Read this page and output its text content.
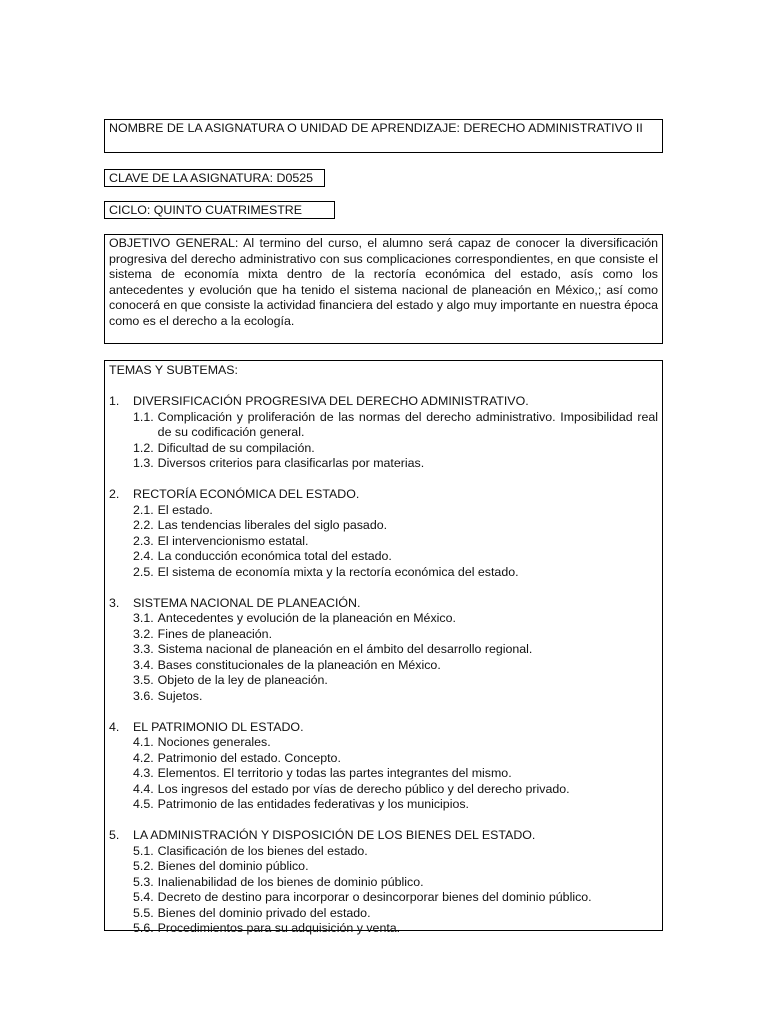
NOMBRE DE LA ASIGNATURA O UNIDAD DE APRENDIZAJE: DERECHO ADMINISTRATIVO II
CLAVE DE LA ASIGNATURA: D0525
CICLO: QUINTO CUATRIMESTRE
OBJETIVO GENERAL: Al termino del curso, el alumno será capaz de conocer la diversificación progresiva del derecho administrativo con sus complicaciones correspondientes, en que consiste el sistema de economía mixta dentro de la rectoría económica del estado, asís como los antecedentes y evolución que ha tenido el sistema nacional de planeación en México,; así como conocerá en que consiste la actividad financiera del estado y algo muy importante en nuestra época como es el derecho a la ecología.
TEMAS Y SUBTEMAS:
1.	DIVERSIFICACIÓN PROGRESIVA DEL DERECHO ADMINISTRATIVO.
1.1. Complicación y proliferación de las normas del derecho administrativo. Imposibilidad real de su codificación general.
1.2. Dificultad de su compilación.
1.3. Diversos criterios para clasificarlas por materias.
2.	RECTORÍA ECONÓMICA DEL ESTADO.
2.1. El estado.
2.2. Las tendencias liberales del siglo pasado.
2.3. El intervencionismo estatal.
2.4. La conducción económica total del estado.
2.5. El sistema de economía mixta y la rectoría económica del estado.
3.	SISTEMA NACIONAL DE PLANEACIÓN.
3.1. Antecedentes y evolución de la planeación en México.
3.2. Fines de planeación.
3.3. Sistema nacional de planeación en el ámbito del desarrollo regional.
3.4. Bases constitucionales de la planeación en México.
3.5. Objeto de la ley de planeación.
3.6. Sujetos.
4.	EL PATRIMONIO DL ESTADO.
4.1. Nociones generales.
4.2. Patrimonio del estado. Concepto.
4.3. Elementos. El territorio y todas las partes integrantes del mismo.
4.4. Los ingresos del estado por vías de derecho público y del derecho privado.
4.5. Patrimonio de las entidades federativas y los municipios.
5.	LA ADMINISTRACIÓN Y DISPOSICIÓN DE LOS BIENES DEL ESTADO.
5.1. Clasificación de los bienes del estado.
5.2. Bienes del dominio público.
5.3. Inalienabilidad de los bienes de dominio público.
5.4. Decreto de destino para incorporar o desincorporar bienes del dominio público.
5.5. Bienes del dominio privado del estado.
5.6. Procedimientos para su adquisición y venta.
